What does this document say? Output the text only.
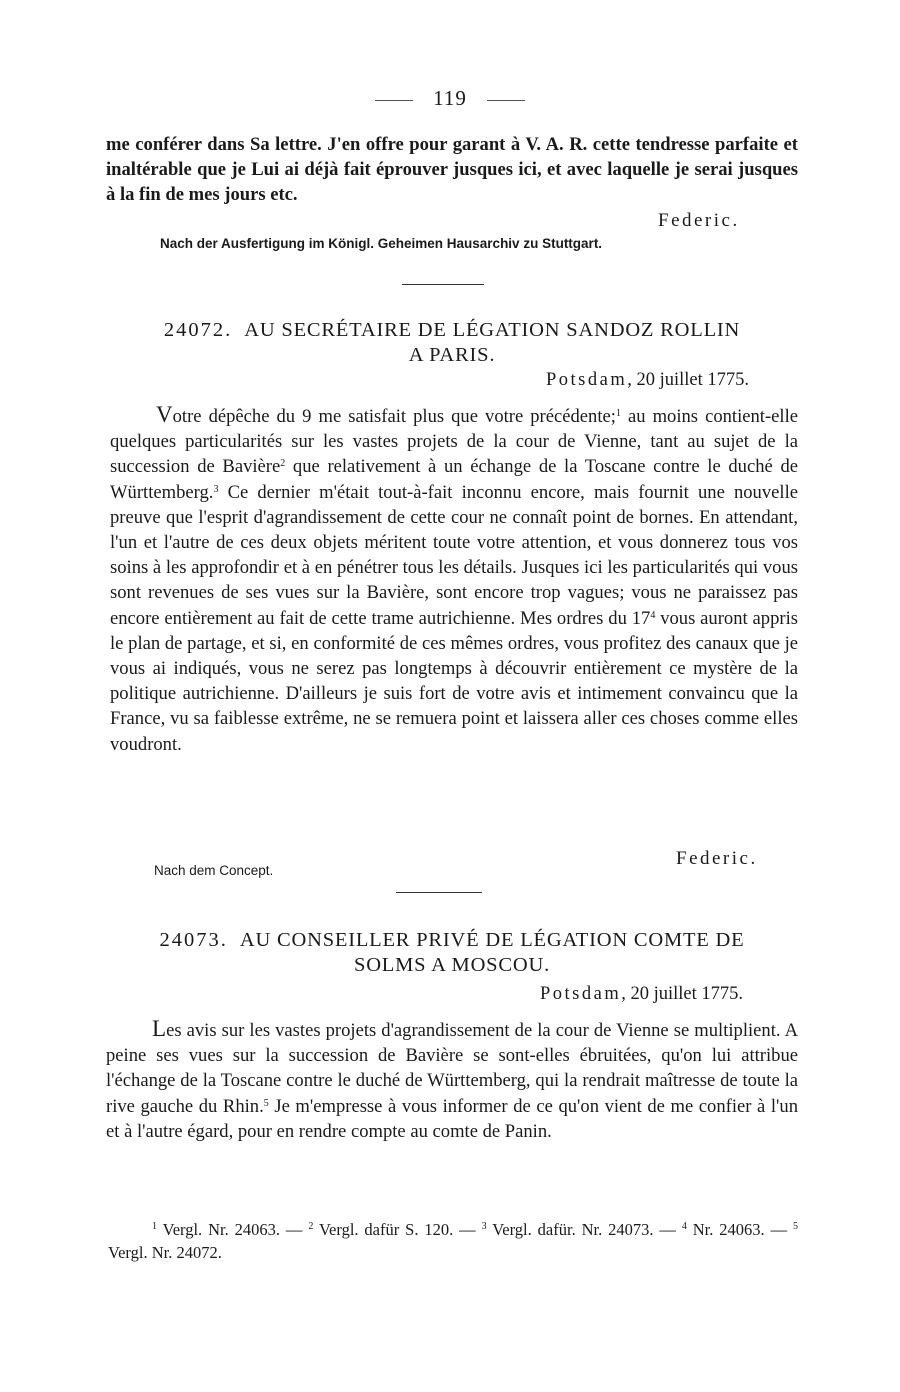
119

me conférer dans Sa lettre. J'en offre pour garant à V. A. R. cette tendresse parfaite et inaltérable que je Lui ai déjà fait éprouver jusques ici, et avec laquelle je serai jusques à la fin de mes jours etc.

Federic.
Nach der Ausfertigung im Königl. Geheimen Hausarchiv zu Stuttgart.
24072. AU SECRÉTAIRE DE LÉGATION SANDOZ ROLLIN
A PARIS.
Potsdam, 20 juillet 1775.

Votre dépêche du 9 me satisfait plus que votre précédente;$^1$ au moins contient-elle quelques particularités sur les vastes projets de la cour de Vienne, tant au sujet de la succession de Bavière$^2$ que relativement à un échange de la Toscane contre le duché de Württemberg.$^3$ Ce dernier m'était tout-à-fait inconnu encore, mais fournit une nouvelle preuve que l'esprit d'agrandissement de cette cour ne connaît point de bornes. En attendant, l'un et l'autre de ces deux objets méritent toute votre attention, et vous donnerez tous vos soins à les approfondir et à en pénétrer tous les détails. Jusques ici les particularités qui vous sont revenues de ses vues sur la Bavière, sont encore trop vagues; vous ne paraissez pas encore entièrement au fait de cette trame autrichienne. Mes ordres du $17^4$ vous auront appris le plan de partage, et si, en conformité de ces mêmes ordres, vous profitez des canaux que je vous ai indiqués, vous ne serez pas longtemps à découvrir entièrement ce mystère de la politique autrichienne. D'ailleurs je suis fort de votre avis et intimement convaincu que la France, vu sa faiblesse extrême, ne se remuera point et laissera aller ces choses comme elles voudront.

Federic.
Nach dem Concept.
24073. AU CONSEILLER PRIVÉ DE LÉGATION COMTE DE
SOLMS A MOSCOU.
Potsdam, 20 juillet 1775.

Les avis sur les vastes projets d'agrandissement de la cour de Vienne se multiplient. A peine ses vues sur la succession de Bavière se sont-elles ébruitées, qu'on lui attribue l'échange de la Toscane contre le duché de Württemberg, qui la rendrait maîtresse de toute la rive gauche du Rhin.$^5$ Je m'empresse à vous informer de ce qu'on vient de me confier à l'un et à l'autre égard, pour en rendre compte au comte de Panin.

$^1$ Vergl. Nr. 24063. — $^2$ Vergl. dafür S. 120. — $^3$ Vergl. dafür. Nr. 24073. — $^4$ Nr. 24063. — $^5$ Vergl. Nr. 24072.
